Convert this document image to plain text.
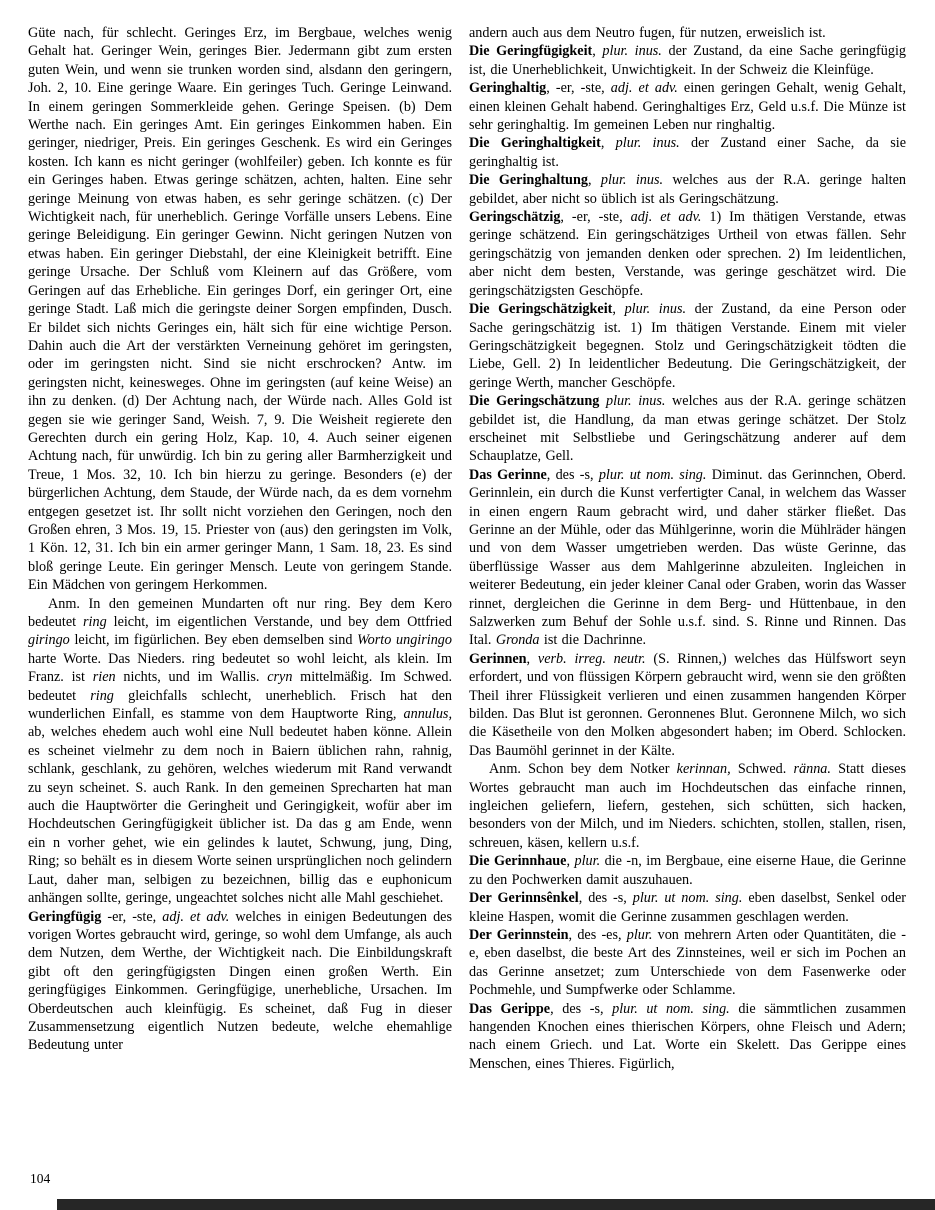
Güte nach, für schlecht. Geringes Erz, im Bergbaue, welches wenig Gehalt hat. Geringer Wein, geringes Bier. Jedermann gibt zum ersten guten Wein, und wenn sie trunken worden sind, alsdann den geringern, Joh. 2, 10. Eine geringe Waare. Ein geringes Tuch. Geringe Leinwand. In einem geringen Sommerkleide gehen. Geringe Speisen. (b) Dem Werthe nach. Ein geringes Amt. Ein geringes Einkommen haben. Ein geringer, niedriger, Preis. Ein geringes Geschenk. Es wird ein Geringes kosten. Ich kann es nicht geringer (wohlfeiler) geben. Ich konnte es für ein Geringes haben. Etwas geringe schätzen, achten, halten. Eine sehr geringe Meinung von etwas haben, es sehr geringe schätzen. (c) Der Wichtigkeit nach, für unerheblich. Geringe Vorfälle unsers Lebens. Eine geringe Beleidigung. Ein geringer Gewinn. Nicht geringen Nutzen von etwas haben. Ein geringer Diebstahl, der eine Kleinigkeit betrifft. Eine geringe Ursache. Der Schluß vom Kleinern auf das Größere, vom Geringen auf das Erhebliche. Ein geringes Dorf, ein geringer Ort, eine geringe Stadt. Laß mich die geringste deiner Sorgen empfinden, Dusch. Er bildet sich nichts Geringes ein, hält sich für eine wichtige Person. Dahin auch die Art der verstärkten Verneinung gehöret im geringsten, oder im geringsten nicht. Sind sie nicht erschrocken? Antw. im geringsten nicht, keinesweges. Ohne im geringsten (auf keine Weise) an ihn zu denken. (d) Der Achtung nach, der Würde nach. Alles Gold ist gegen sie wie geringer Sand, Weish. 7, 9. Die Weisheit regierete den Gerechten durch ein gering Holz, Kap. 10, 4. Auch seiner eigenen Achtung nach, für unwürdig. Ich bin zu gering aller Barmherzigkeit und Treue, 1 Mos. 32, 10. Ich bin hierzu zu geringe. Besonders (e) der bürgerlichen Achtung, dem Staude, der Würde nach, da es dem vornehm entgegen gesetzet ist. Ihr sollt nicht vorziehen den Geringen, noch den Großen ehren, 3 Mos. 19, 15. Priester von (aus) den geringsten im Volk, 1 Kön. 12, 31. Ich bin ein armer geringer Mann, 1 Sam. 18, 23. Es sind bloß geringe Leute. Ein geringer Mensch. Leute von geringem Stande. Ein Mädchen von geringem Herkommen.

Anm. In den gemeinen Mundarten oft nur ring. Bey dem Kero bedeutet ring leicht, im eigentlichen Verstande, und bey dem Ottfried giringo leicht, im figürlichen. Bey eben demselben sind Worto ungiringo harte Worte. Das Nieders. ring bedeutet so wohl leicht, als klein. Im Franz. ist rien nichts, und im Wallis. cryn mittelmäßig. Im Schwed. bedeutet ring gleichfalls schlecht, unerheblich. Frisch hat den wunderlichen Einfall, es stamme von dem Hauptworte Ring, annulus, ab, welches ehedem auch wohl eine Null bedeutet haben könne. Allein es scheinet vielmehr zu dem noch in Baiern üblichen rahn, rahnig, schlank, geschlank, zu gehören, welches wiederum mit Rand verwandt zu seyn scheinet. S. auch Rank. In den gemeinen Sprecharten hat man auch die Hauptwörter die Geringheit und Geringigkeit, wofür aber im Hochdeutschen Geringfügigkeit üblicher ist. Da das g am Ende, wenn ein n vorher gehet, wie ein gelindes k lautet, Schwung, jung, Ding, Ring; so behält es in diesem Worte seinen ursprünglichen noch gelindern Laut, daher man, selbigen zu bezeichnen, billig das e euphonicum anhängen sollte, geringe, ungeachtet solches nicht alle Mahl geschiehet.

Geringfügig -er, -ste, adj. et adv. welches in einigen Bedeutungen des vorigen Wortes gebraucht wird, geringe, so wohl dem Umfange, als auch dem Nutzen, dem Werthe, der Wichtigkeit nach. Die Einbildungskraft gibt oft den geringfügigsten Dingen einen großen Werth. Ein geringfügiges Einkommen. Geringfügige, unerhebliche, Ursachen. Im Oberdeutschen auch kleinfügig. Es scheinet, daß Fug in dieser Zusammensetzung eigentlich Nutzen bedeute, welche ehemahlige Bedeutung unter

andern auch aus dem Neutro fugen, für nutzen, erweislich ist.

Die Geringfügigkeit, plur. inus. der Zustand, da eine Sache geringfügig ist, die Unerheblichkeit, Unwichtigkeit. In der Schweiz die Kleinfüge.

Geringhaltig, -er, -ste, adj. et adv. einen geringen Gehalt, wenig Gehalt, einen kleinen Gehalt habend. Geringhaltiges Erz, Geld u.s.f. Die Münze ist sehr geringhaltig. Im gemeinen Leben nur ringhaltig.

Die Geringhaltigkeit, plur. inus. der Zustand einer Sache, da sie geringhaltig ist.

Die Geringhaltung, plur. inus. welches aus der R.A. geringe halten gebildet, aber nicht so üblich ist als Geringschätzung.

Geringschätzig, -er, -ste, adj. et adv. 1) Im thätigen Verstande, etwas geringe schätzend. Ein geringschätziges Urtheil von etwas fällen. Sehr geringschätzig von jemanden denken oder sprechen. 2) Im leidentlichen, aber nicht dem besten, Verstande, was geringe geschätzet wird. Die geringschätzigsten Geschöpfe.

Die Geringschätzigkeit, plur. inus. der Zustand, da eine Person oder Sache geringschätzig ist. 1) Im thätigen Verstande. Einem mit vieler Geringschätzigkeit begegnen. Stolz und Geringschätzigkeit tödten die Liebe, Gell. 2) In leidentlicher Bedeutung. Die Geringschätzigkeit, der geringe Werth, mancher Geschöpfe.

Die Geringschätzung plur. inus. welches aus der R.A. geringe schätzen gebildet ist, die Handlung, da man etwas geringe schätzet. Der Stolz erscheinet mit Selbstliebe und Geringschätzung anderer auf dem Schauplatze, Gell.

Das Gerinne, des -s, plur. ut nom. sing. Diminut. das Gerinnchen, Oberd. Gerinnlein, ein durch die Kunst verfertigter Canal, in welchem das Wasser in einen engern Raum gebracht wird, und daher stärker fließet. Das Gerinne an der Mühle, oder das Mühlgerinne, worin die Mühlräder hängen und von dem Wasser umgetrieben werden. Das wüste Gerinne, das überflüssige Wasser aus dem Mahlgerinne abzuleiten. Ingleichen in weiterer Bedeutung, ein jeder kleiner Canal oder Graben, worin das Wasser rinnet, dergleichen die Gerinne in dem Berg- und Hüttenbaue, in den Salzwerken zum Behuf der Sohle u.s.f. sind. S. Rinne und Rinnen. Das Ital. Gronda ist die Dachrinne.

Gerinnen, verb. irreg. neutr. (S. Rinnen,) welches das Hülfswort seyn erfordert, und von flüssigen Körpern gebraucht wird, wenn sie den größten Theil ihrer Flüssigkeit verlieren und einen zusammen hangenden Körper bilden. Das Blut ist geronnen. Geronnenes Blut. Geronnene Milch, wo sich die Käsetheile von den Molken abgesondert haben; im Oberd. Schlocken. Das Baumöhl gerinnet in der Kälte.

Anm. Schon bey dem Notker kerinnan, Schwed. ränna. Statt dieses Wortes gebraucht man auch im Hochdeutschen das einfache rinnen, ingleichen geliefern, liefern, gestehen, sich schütten, sich hacken, besonders von der Milch, und im Nieders. schichten, stollen, stallen, risen, schreuen, käsen, kellern u.s.f.

Die Gerinnhaue, plur. die -n, im Bergbaue, eine eiserne Haue, die Gerinne zu den Pochwerken damit auszuhauen.

Der Gerinnsênkel, des -s, plur. ut nom. sing. eben daselbst, Senkel oder kleine Haspen, womit die Gerinne zusammen geschlagen werden.

Der Gerinnstein, des -es, plur. von mehrern Arten oder Quantitäten, die -e, eben daselbst, die beste Art des Zinnsteines, weil er sich im Pochen an das Gerinne ansetzet; zum Unterschiede von dem Fasenwerke oder Pochmehle, und Sumpfwerke oder Schlamme.

Das Gerippe, des -s, plur. ut nom. sing. die sämmtlichen zusammen hangenden Knochen eines thierischen Körpers, ohne Fleisch und Adern; nach einem Griech. und Lat. Worte ein Skelett. Das Gerippe eines Menschen, eines Thieres. Figürlich,

104
